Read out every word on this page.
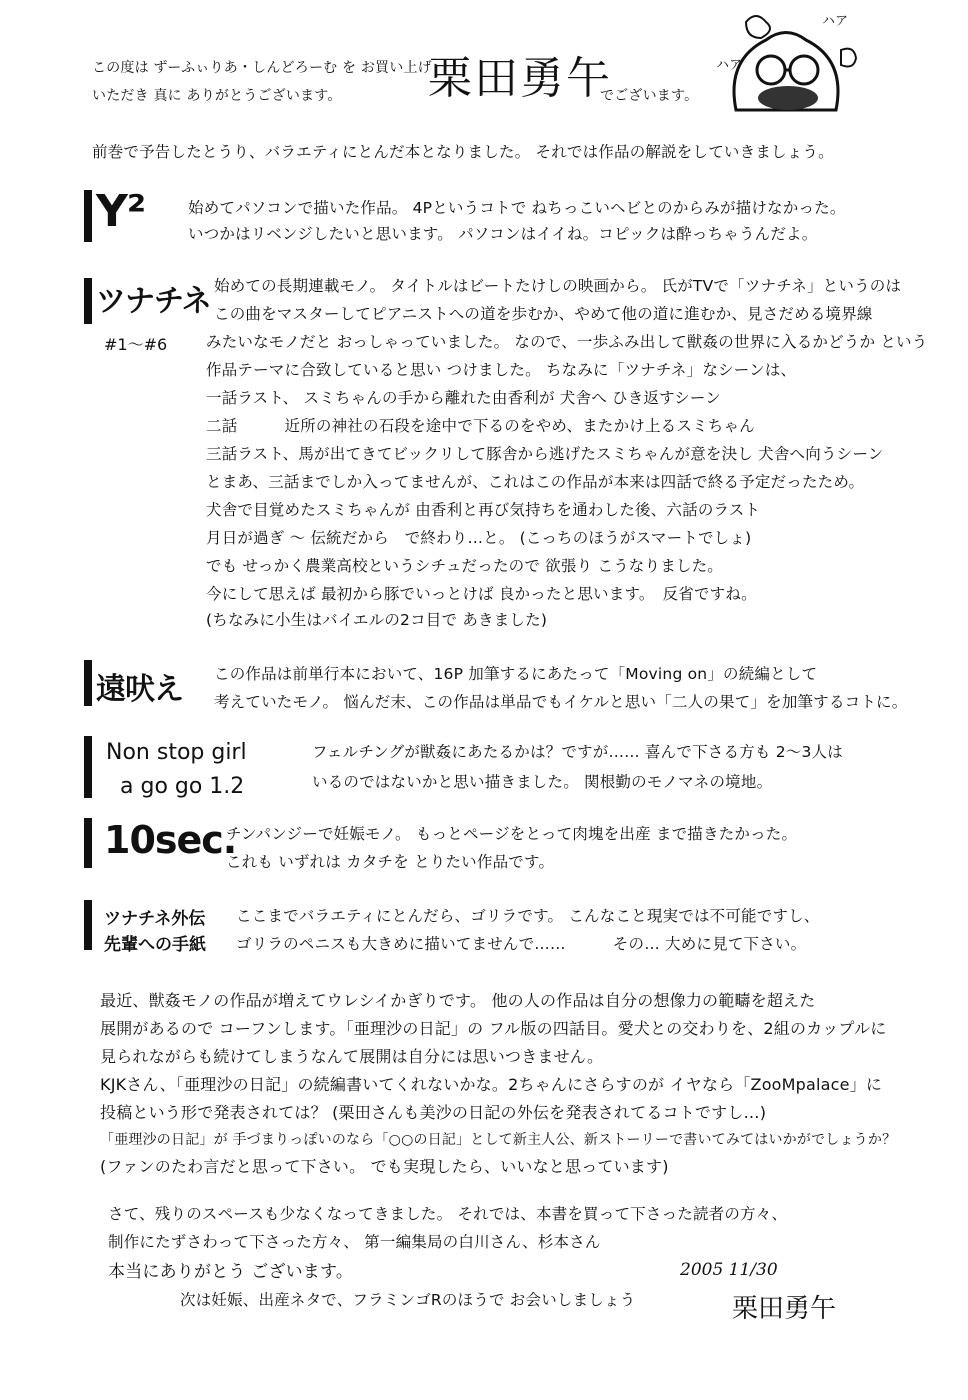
この度は ずーふぃりあ・しんどろーむ を お買い上げ
栗田勇午
でございます。
いただき 真に ありがとうございます。
ハア
ハア
前巻で予告したとうり、バラエティにとんだ本となりました。 それでは作品の解説をしていきましょう。
Y²	始めてパソコンで描いた作品。 4Pというコトで ねちっこいヘビとのからみが描けなかった。
いつかはリベンジしたいと思います。 パソコンはイイね。コピックは酔っちゃうんだよ。
ツナチネ
#1～#6
始めての長期連載モノ。 タイトルはビートたけしの映画から。 氏がTVで「ツナチネ」というのは
この曲をマスターしてピアニストへの道を歩むか、やめて他の道に進むか、見さだめる境界線
みたいなモノだと おっしゃっていました。 なので、一歩ふみ出して獣姦の世界に入るかどうか という
作品テーマに合致していると思い つけました。 ちなみに「ツナチネ」なシーンは、
一話ラスト、 スミちゃんの手から離れた由香利が 犬舎へ ひき返すシーン
二話　　　近所の神社の石段を途中で下るのをやめ、またかけ上るスミちゃん
三話ラスト、馬が出てきてビックリして豚舎から逃げたスミちゃんが意を決し 犬舎へ向うシーン
とまあ、三話までしか入ってませんが、これはこの作品が本来は四話で終る予定だったため。
犬舎で目覚めたスミちゃんが 由香利と再び気持ちを通わした後、六話のラスト
月日が過ぎ ～ 伝統だから　で終わり…と。 (こっちのほうがスマートでしょ)
でも せっかく農業高校というシチュだったので 欲張り こうなりました。
今にして思えば 最初から豚でいっとけば 良かったと思います。　反省ですね。
(ちなみに小生はバイエルの2コ目で あきました)
遠吠え この作品は前単行本において、16P 加筆するにあたって「Moving on」の続編として
考えていたモノ。 悩んだ末、この作品は単品でもイケルと思い「二人の果て」を加筆するコトに。
Non stop girl
a go go 1.2
フェルチングが獣姦にあたるかは？ですが…… 喜んで下さる方も 2～3人は
いるのではないかと思い描きました。 関根勤のモノマネの境地。
10sec.
チンパンジーで妊娠モノ。 もっとページをとって肉塊を出産 まで描きたかった。
これも いずれは カタチを とりたい作品です。
ツナチネ外伝
先輩への手紙
ここまでバラエティにとんだら、ゴリラです。 こんなこと現実では不可能ですし、
ゴリラのペニスも大きめに描いてませんで……　　　その… 大めに見て下さい。
最近、獣姦モノの作品が増えてウレシイかぎりです。 他の人の作品は自分の想像力の範疇を超えた
展開があるので コーフンします。「亜理沙の日記」の フル版の四話目。愛犬との交わりを、2組のカップルに
見られながらも続けてしまうなんて展開は自分には思いつきません。
KJKさん、「亜理沙の日記」の続編書いてくれないかな。2ちゃんにさらすのが イヤなら「ZooMpalace」に
投稿という形で発表されては？ (栗田さんも美沙の日記の外伝を発表されてるコトですし…)
「亜理沙の日記」が 手づまりっぽいのなら「○○の日記」として新主人公、新ストーリーで書いてみてはいかがでしょうか？
(ファンのたわ言だと思って下さい。 でも実現したら、いいなと思っています)
さて、残りのスペースも少なくなってきました。 それでは、本書を買って下さった読者の方々、
制作にたずさわって下さった方々、 第一編集局の白川さん、杉本さん
本当にありがとう ございます。
次は妊娠、出産ネタで、フラミンゴRのほうで お会いしましょう
2005 11/30
栗田勇午
